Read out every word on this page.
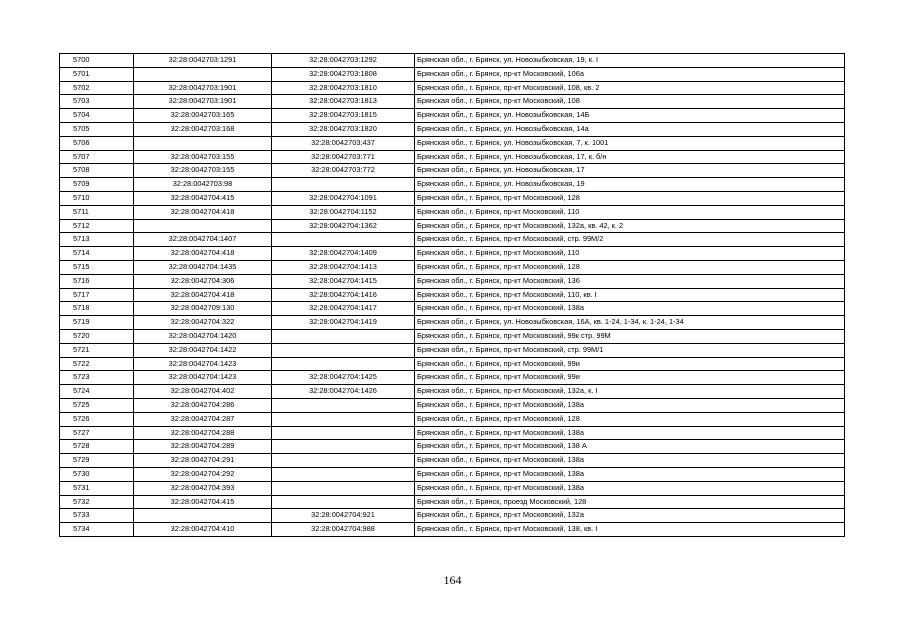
5700	32:28:0042703:1291	32:28:0042703:1292	Брянская обл., г. Брянск, ул. Новозыбковская, 19, к. I
5701		32:28:0042703:1808	Брянская обл., г. Брянск, пр-кт Московский, 106а
5702	32:28:0042703:1901	32:28:0042703:1810	Брянская обл., г. Брянск, пр-кт Московский, 108, кв. 2
5703	32:28:0042703:1901	32:28:0042703:1813	Брянская обл., г. Брянск, пр-кт Московский, 108
5704	32:28:0042703:165	32:28:0042703:1815	Брянская обл., г. Брянск, ул. Новозыбковская, 14Б
5705	32:28:0042703:168	32:28:0042703:1820	Брянская обл., г. Брянск, ул. Новозыбковская, 14а
5706		32:28:0042703:437	Брянская обл., г. Брянск, ул. Новозыбковская, 7, к. 1001
5707	32:28:0042703:155	32:28:0042703:771	Брянская обл., г. Брянск, ул. Новозыбковская, 17, к. б/н
5708	32:28:0042703:155	32:28:0042703:772	Брянская обл., г. Брянск, ул. Новозыбковская, 17
5709	32:28:0042703:98		Брянская обл., г. Брянск, ул. Новозыбковская, 19
5710	32:28:0042704:415	32:28:0042704:1091	Брянская обл., г. Брянск, пр-кт Московский, 128
5711	32:28:0042704:418	32:28:0042704:1152	Брянская обл., г. Брянск, пр-кт Московский, 110
5712		32:28:0042704:1362	Брянская обл., г. Брянск, пр-кт Московский, 132а, кв. 42, к. 2
5713	32:28:0042704:1407		Брянская обл., г. Брянск, пр-кт Московский, стр. 99М/2
5714	32:28:0042704:418	32:28:0042704:1409	Брянская обл., г. Брянск, пр-кт Московский, 110
5715	32:28:0042704:1435	32:28:0042704:1413	Брянская обл., г. Брянск, пр-кт Московский, 128
5716	32:28:0042704:306	32:28:0042704:1415	Брянская обл., г. Брянск, пр-кт Московский, 136
5717	32:28:0042704:418	32:28:0042704:1416	Брянская обл., г. Брянск, пр-кт Московский, 110, кв. I
5718	32:28:0042709:130	32:28:0042704:1417	Брянская обл., г. Брянск, пр-кт Московский, 138а
5719	32:28:0042704:322	32:28:0042704:1419	Брянская обл., г. Брянск, ул. Новозыбковская, 16А, кв. 1-24, 1-34, к. 1-24, 1-34
5720	32:28:0042704:1420		Брянская обл., г. Брянск, пр-кт Московский, 99к стр. 99М
5721	32:28:0042704:1422		Брянская обл., г. Брянск, пр-кт Московский, стр. 99М/1
5722	32:28:0042704:1423		Брянская обл., г. Брянск, пр-кт Московский, 99и
5723	32:28:0042704:1423	32:28:0042704:1425	Брянская обл., г. Брянск, пр-кт Московский, 99и
5724	32:28:0042704:402	32:28:0042704:1426	Брянская обл., г. Брянск, пр-кт Московский, 132а, к. I
5725	32:28:0042704:286		Брянская обл., г. Брянск, пр-кт Московский, 138а
5726	32:28:0042704:287		Брянская обл., г. Брянск, пр-кт Московский, 128
5727	32:28:0042704:288		Брянская обл., г. Брянск, пр-кт Московский, 138а
5728	32:28:0042704:289		Брянская обл., г. Брянск, пр-кт Московский, 138 А
5729	32:28:0042704:291		Брянская обл., г. Брянск, пр-кт Московский, 138а
5730	32:28:0042704:292		Брянская обл., г. Брянск, пр-кт Московский, 138а
5731	32:28:0042704:393		Брянская обл., г. Брянск, пр-кт Московский, 138а
5732	32:28:0042704:415		Брянская обл., г. Брянск, проезд Московский, 128
5733		32:28:0042704:921	Брянская обл., г. Брянск, пр-кт Московский, 132а
5734	32:28:0042704:410	32:28:0042704:988	Брянская обл., г. Брянск, пр-кт Московский, 138, кв. I
164
